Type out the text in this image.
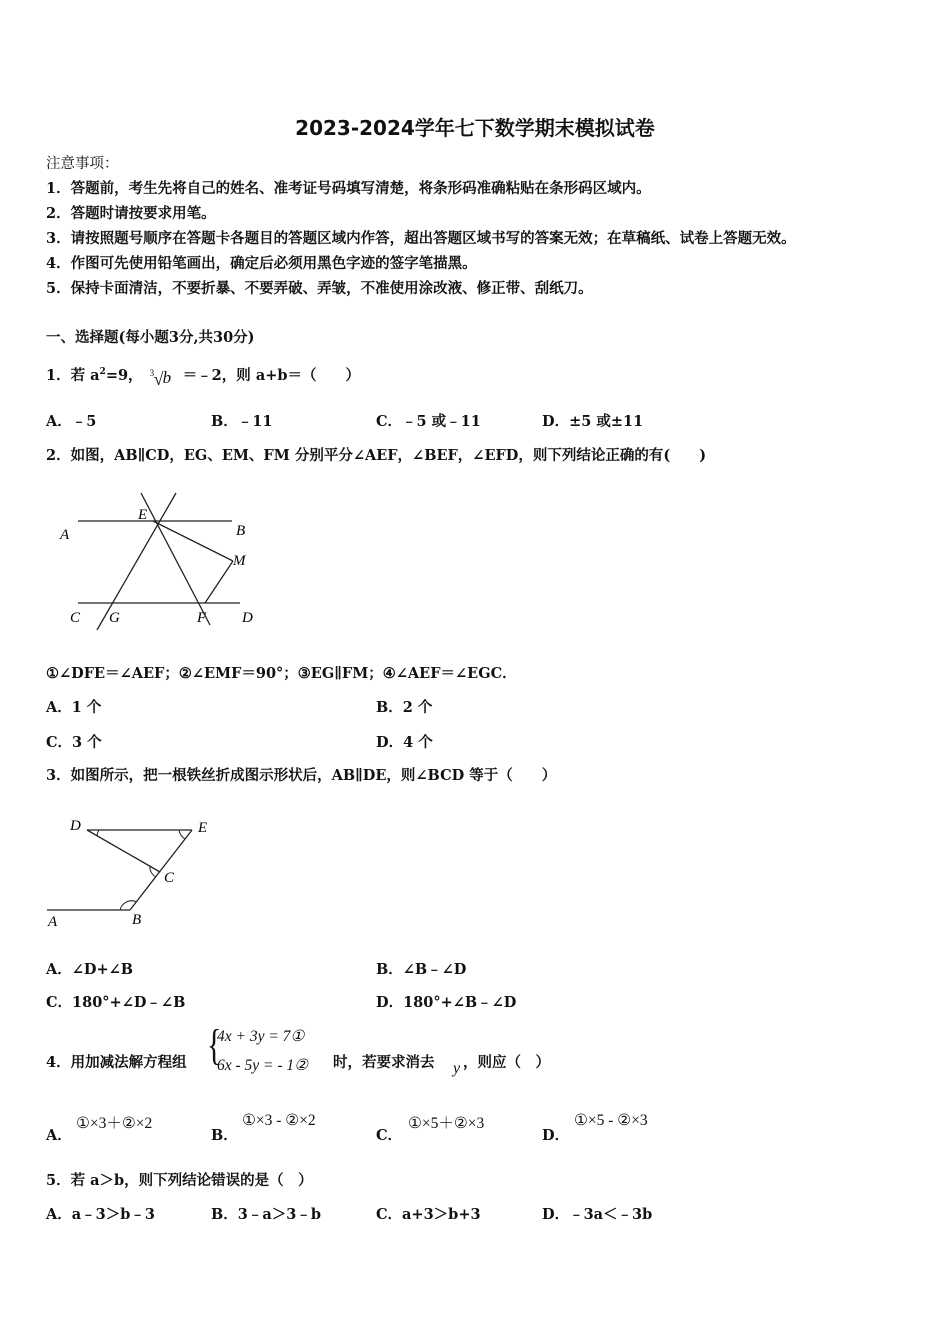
2023-2024学年七下数学期末模拟试卷
注意事项：
1．答题前，考生先将自己的姓名、准考证号码填写清楚，将条形码准确粘贴在条形码区域内。
2．答题时请按要求用笔。
3．请按照题号顺序在答题卡各题目的答题区域内作答，超出答题区域书写的答案无效；在草稿纸、试卷上答题无效。
4．作图可先使用铅笔画出，确定后必须用黑色字迹的签字笔描黑。
5．保持卡面清洁，不要折暴、不要弄破、弄皱，不准使用涂改液、修正带、刮纸刀。
一、选择题(每小题3分,共30分)
1．若 $a^2=9$， 3 √ b ＝﹣2，则 a+b＝（　　）
A．﹣5	B．﹣11	C．﹣5 或﹣11	D．±5 或±11
2．如图，AB∥CD，EG、EM、FM 分别平分∠AEF，∠BEF，∠EFD，则下列结论正确的有(　　)
A
E
B
M
C G	F D
①∠DFE＝∠AEF；②∠EMF＝90°；③EG∥FM；④∠AEF＝∠EGC．
A．1 个	B．2 个
C．3 个	D．4 个
3．如图所示，把一根铁丝折成图示形状后，AB∥DE，则∠BCD 等于（　　）
D	E
C
A	B
A．∠D+∠B	B．∠B﹣∠D
C．180°+∠D﹣∠B	D．180°+∠B﹣∠D
4．用加减法解方程组 {
4x + 3y = 7①
6x - 5y = - 1② 时，若要求消去 y ，则应（　）
A．
①×3＋②×2
B．
①×3 - ②×2
C．
①×5＋②×3
D．
①×5 - ②×3
5．若 a＞b，则下列结论错误的是（　）
A．a﹣3＞b﹣3	B．3﹣a＞3﹣b	C．a+3＞b+3	D．﹣3a＜﹣3b
